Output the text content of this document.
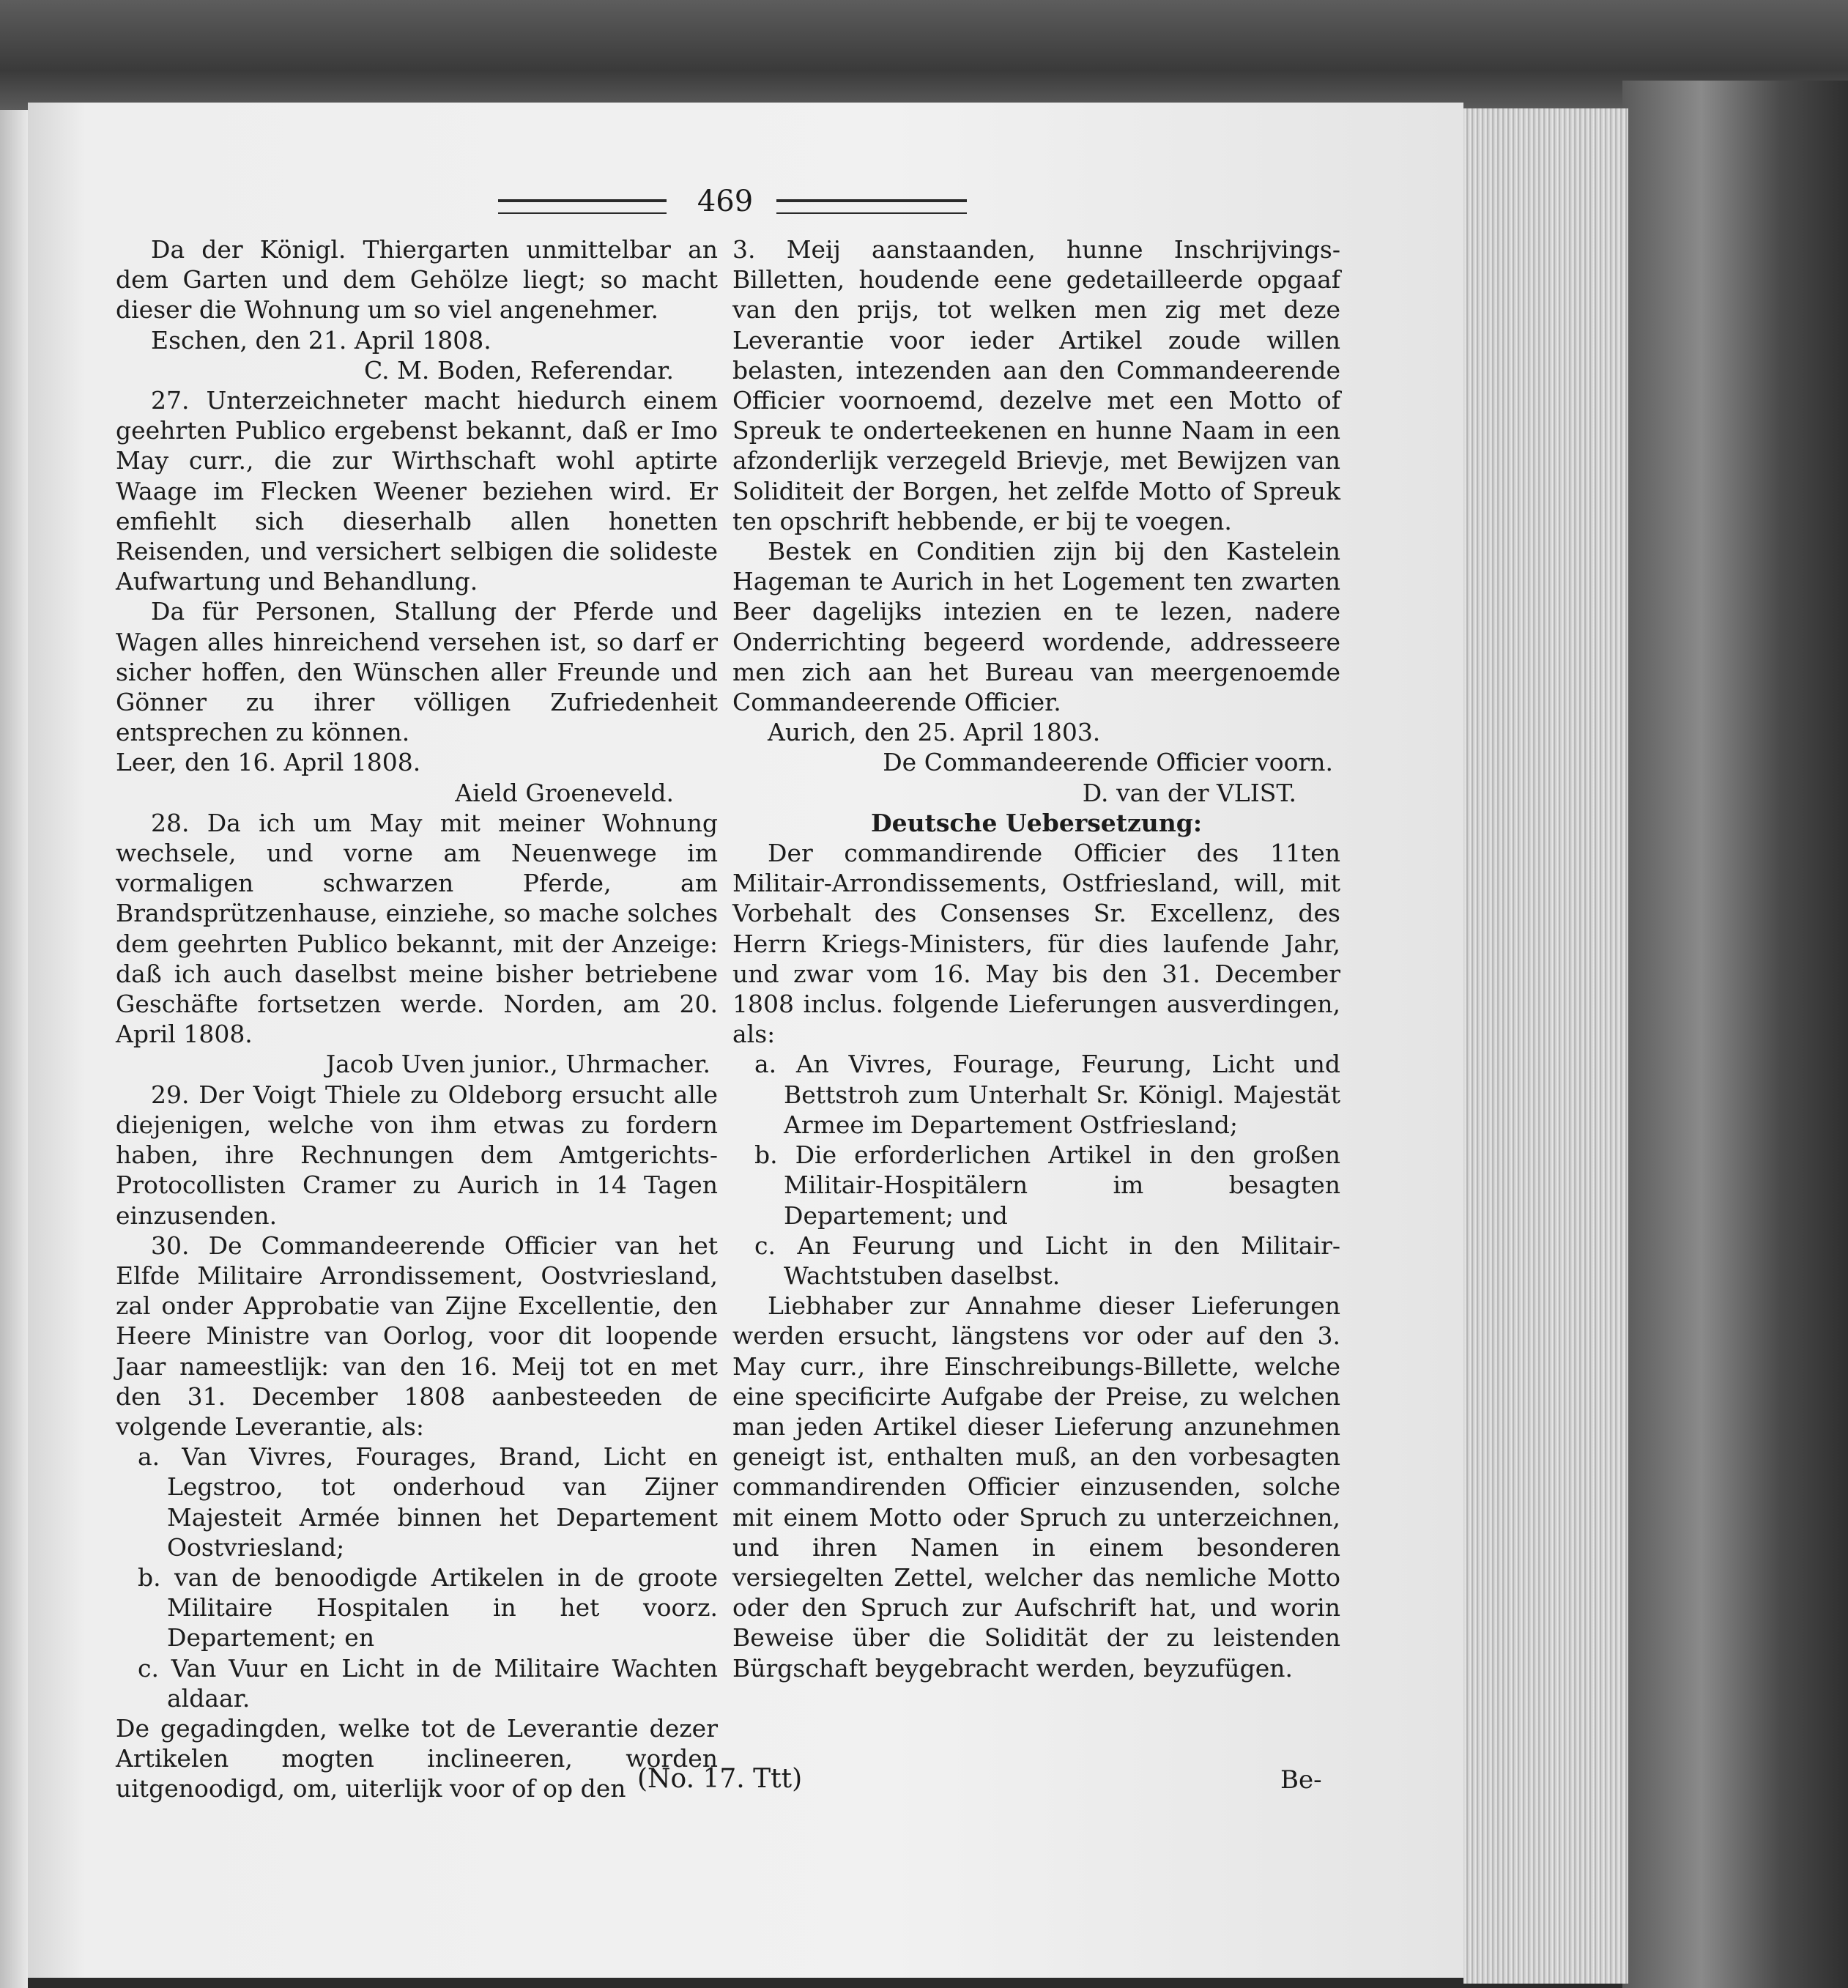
469

Da der Königl. Thiergarten unmittelbar an dem Garten und dem Gehölze liegt; so macht dieser die Wohnung um so viel angenehmer.

Eschen, den 21. April 1808.

C. M. Boden, Referendar.

27. Unterzeichneter macht hiedurch einem geehrten Publico ergebenst bekannt, daß er Imo May curr., die zur Wirthschaft wohl aptirte Waage im Flecken Weener beziehen wird. Er emfiehlt sich dieserhalb allen honetten Reisenden, und versichert selbigen die solideste Aufwartung und Behandlung.

Da für Personen, Stallung der Pferde und Wagen alles hinreichend versehen ist, so darf er sicher hoffen, den Wünschen aller Freunde und Gönner zu ihrer völligen Zufriedenheit entsprechen zu können.

Leer, den 16. April 1808.

Aield Groeneveld.

28. Da ich um May mit meiner Wohnung wechsele, und vorne am Neuenwege im vormaligen schwarzen Pferde, am Brandsprützenhause, einziehe, so mache solches dem geehrten Publico bekannt, mit der Anzeige: daß ich auch daselbst meine bisher betriebene Geschäfte fortsetzen werde. Norden, am 20. April 1808.

Jacob Uven junior., Uhrmacher.

29. Der Voigt Thiele zu Oldeborg ersucht alle diejenigen, welche von ihm etwas zu fordern haben, ihre Rechnungen dem Amtgerichts-Protocollisten Cramer zu Aurich in 14 Tagen einzusenden.

30. De Commandeerende Officier van het Elfde Militaire Arrondissement, Oostvriesland, zal onder Approbatie van Zijne Excellentie, den Heere Ministre van Oorlog, voor dit loopende Jaar nameestlijk: van den 16. Meij tot en met den 31. December 1808 aanbesteeden de volgende Leverantie, als:

a. Van Vivres, Fourages, Brand, Licht en Legstroo, tot onderhoud van Zijner Majesteit Armée binnen het Departement Oostvriesland;

b. van de benoodigde Artikelen in de groote Militaire Hospitalen in het voorz. Departement; en

c. Van Vuur en Licht in de Militaire Wachten aldaar.

De gegadingden, welke tot de Leverantie dezer Artikelen mogten inclineeren, worden uitgenoodigd, om, uiterlijk voor of op den

3. Meij aanstaanden, hunne Inschrijvings-Billetten, houdende eene gedetailleerde opgaaf van den prijs, tot welken men zig met deze Leverantie voor ieder Artikel zoude willen belasten, intezenden aan den Commandeerende Officier voornoemd, dezelve met een Motto of Spreuk te onderteekenen en hunne Naam in een afzonderlijk verzegeld Brievje, met Bewijzen van Soliditeit der Borgen, het zelfde Motto of Spreuk ten opschrift hebbende, er bij te voegen.

Bestek en Conditien zijn bij den Kastelein Hageman te Aurich in het Logement ten zwarten Beer dagelijks intezien en te lezen, nadere Onderrichting begeerd wordende, addresseere men zich aan het Bureau van meergenoemde Commandeerende Officier.

Aurich, den 25. April 1803.

De Commandeerende Officier voorn.

D. van der VLIST.

Deutsche Uebersetzung:

Der commandirende Officier des 11ten Militair-Arrondissements, Ostfriesland, will, mit Vorbehalt des Consenses Sr. Excellenz, des Herrn Kriegs-Ministers, für dies laufende Jahr, und zwar vom 16. May bis den 31. December 1808 inclus. folgende Lieferungen ausverdingen, als:

a. An Vivres, Fourage, Feurung, Licht und Bettstroh zum Unterhalt Sr. Königl. Majestät Armee im Departement Ostfriesland;

b. Die erforderlichen Artikel in den großen Militair-Hospitälern im besagten Departement; und

c. An Feurung und Licht in den Militair-Wachtstuben daselbst.

Liebhaber zur Annahme dieser Lieferungen werden ersucht, längstens vor oder auf den 3. May curr., ihre Einschreibungs-Billette, welche eine specificirte Aufgabe der Preise, zu welchen man jeden Artikel dieser Lieferung anzunehmen geneigt ist, enthalten muß, an den vorbesagten commandirenden Officier einzusenden, solche mit einem Motto oder Spruch zu unterzeichnen, und ihren Namen in einem besonderen versiegelten Zettel, welcher das nemliche Motto oder den Spruch zur Aufschrift hat, und worin Beweise über die Solidität der zu leistenden Bürgschaft beygebracht werden, beyzufügen.

(No. 17. Ttt)	Be-
